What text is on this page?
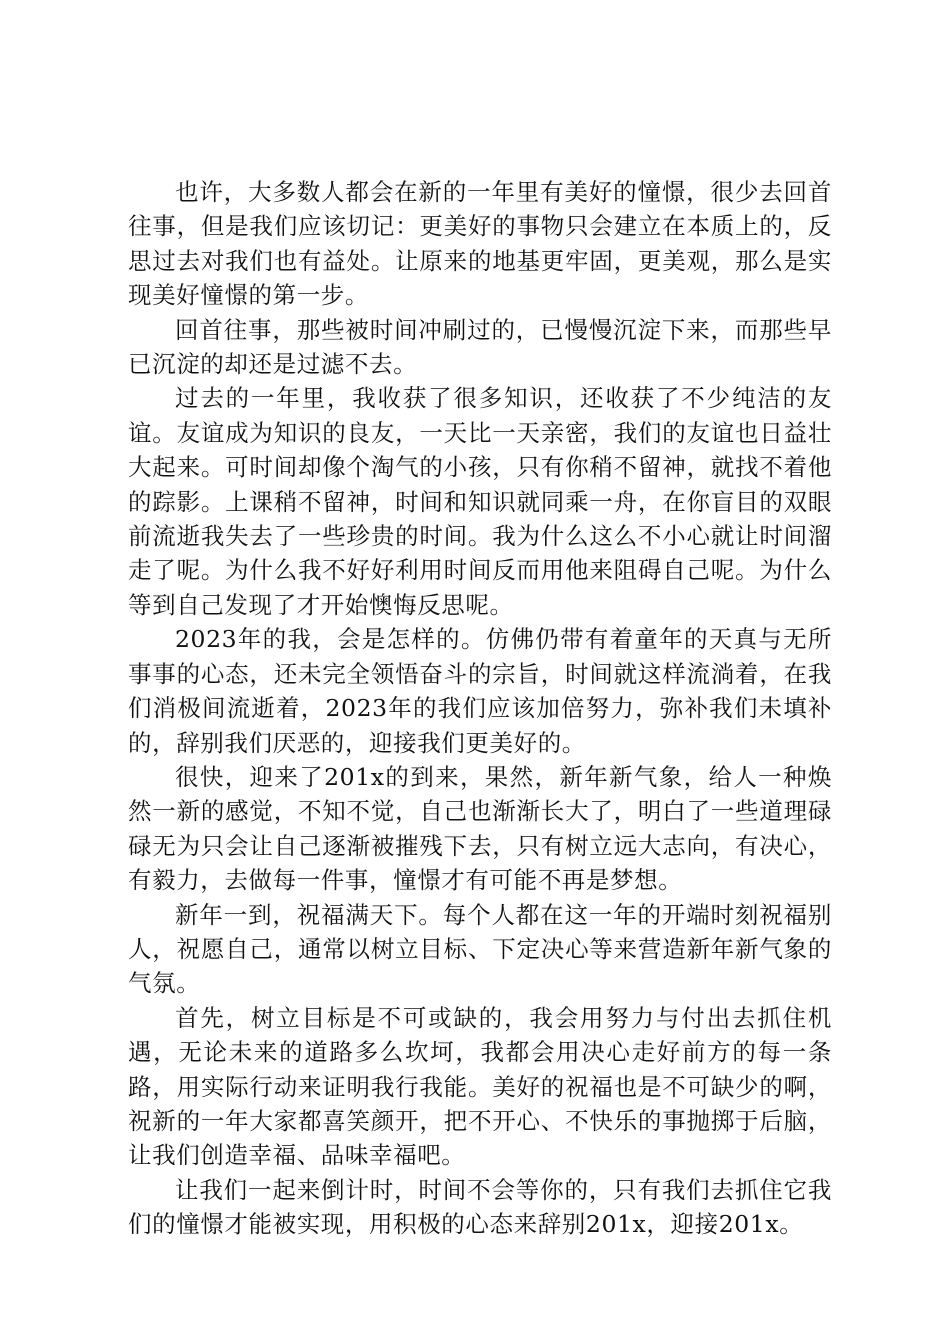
也许，大多数人都会在新的一年里有美好的憧憬，很少去回首往事，但是我们应该切记：更美好的事物只会建立在本质上的，反思过去对我们也有益处。让原来的地基更牢固，更美观，那么是实现美好憧憬的第一步。

回首往事，那些被时间冲刷过的，已慢慢沉淀下来，而那些早已沉淀的却还是过滤不去。

过去的一年里，我收获了很多知识，还收获了不少纯洁的友谊。友谊成为知识的良友，一天比一天亲密，我们的友谊也日益壮大起来。可时间却像个淘气的小孩，只有你稍不留神，就找不着他的踪影。上课稍不留神，时间和知识就同乘一舟，在你盲目的双眼前流逝我失去了一些珍贵的时间。我为什么这么不小心就让时间溜走了呢。为什么我不好好利用时间反而用他来阻碍自己呢。为什么等到自己发现了才开始懊悔反思呢。

2023年的我，会是怎样的。仿佛仍带有着童年的天真与无所事事的心态，还未完全领悟奋斗的宗旨，时间就这样流淌着，在我们消极间流逝着，2023年的我们应该加倍努力，弥补我们未填补的，辞别我们厌恶的，迎接我们更美好的。

很快，迎来了201x的到来，果然，新年新气象，给人一种焕然一新的感觉，不知不觉，自己也渐渐长大了，明白了一些道理碌碌无为只会让自己逐渐被摧残下去，只有树立远大志向，有决心，有毅力，去做每一件事，憧憬才有可能不再是梦想。

新年一到，祝福满天下。每个人都在这一年的开端时刻祝福别人，祝愿自己，通常以树立目标、下定决心等来营造新年新气象的气氛。

首先，树立目标是不可或缺的，我会用努力与付出去抓住机遇，无论未来的道路多么坎坷，我都会用决心走好前方的每一条路，用实际行动来证明我行我能。美好的祝福也是不可缺少的啊，祝新的一年大家都喜笑颜开，把不开心、不快乐的事抛掷于后脑，让我们创造幸福、品味幸福吧。

让我们一起来倒计时，时间不会等你的，只有我们去抓住它我们的憧憬才能被实现，用积极的心态来辞别201x，迎接201x。
